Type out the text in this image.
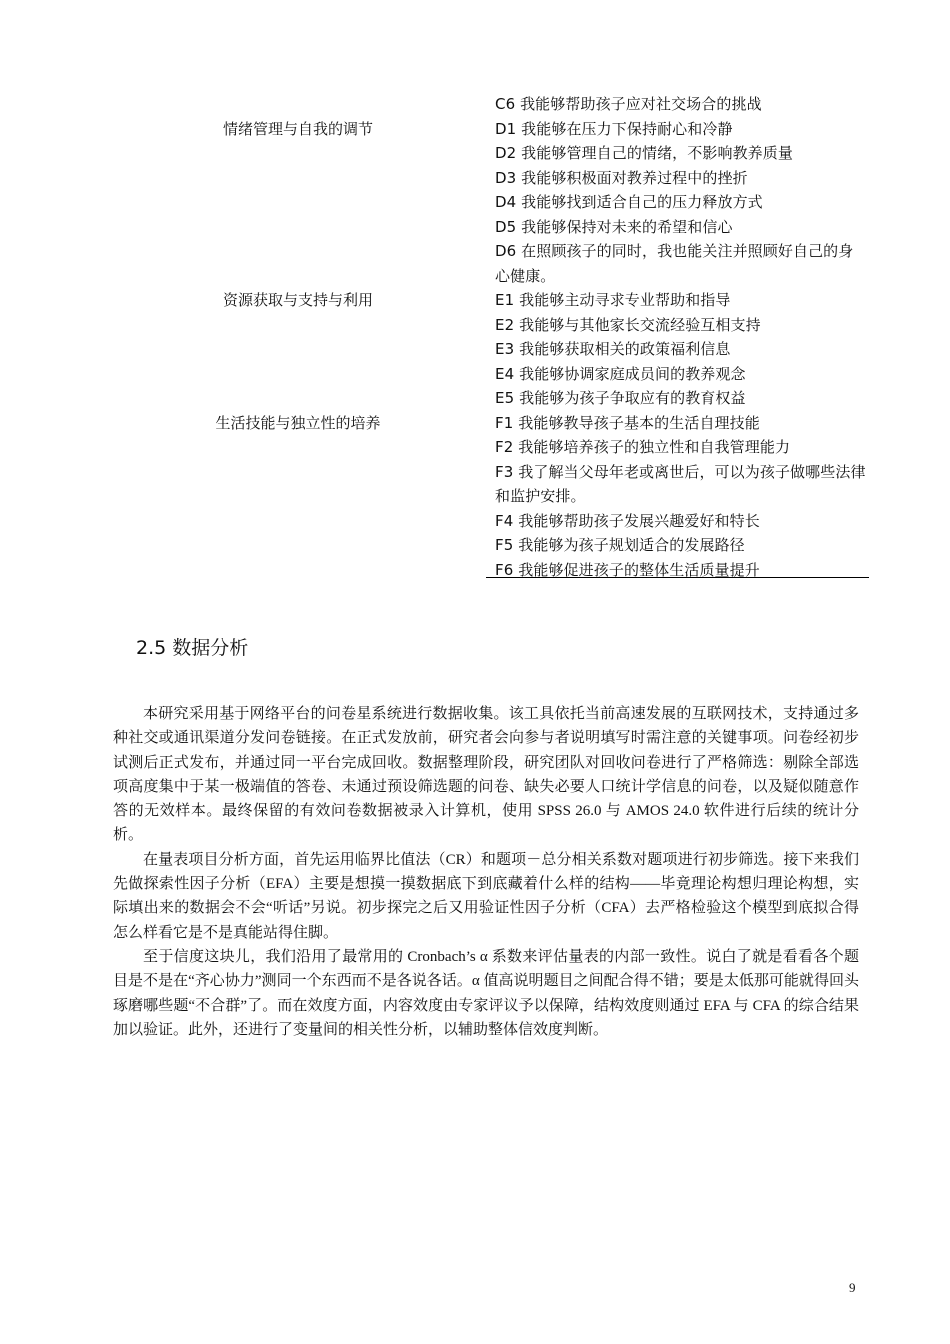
C6 我能够帮助孩子应对社交场合的挑战
情绪管理与自我的调节	D1 我能够在压力下保持耐心和冷静
D2 我能够管理自己的情绪，不影响教养质量
D3 我能够积极面对教养过程中的挫折
D4 我能够找到适合自己的压力释放方式
D5 我能够保持对未来的希望和信心
D6 在照顾孩子的同时，我也能关注并照顾好自己的身心健康。
资源获取与支持与利用	E1 我能够主动寻求专业帮助和指导
E2 我能够与其他家长交流经验互相支持
E3 我能够获取相关的政策福利信息
E4 我能够协调家庭成员间的教养观念
E5 我能够为孩子争取应有的教育权益
生活技能与独立性的培养	F1 我能够教导孩子基本的生活自理技能
F2 我能够培养孩子的独立性和自我管理能力
F3 我了解当父母年老或离世后，可以为孩子做哪些法律和监护安排。
F4 我能够帮助孩子发展兴趣爱好和特长
F5 我能够为孩子规划适合的发展路径
F6 我能够促进孩子的整体生活质量提升
2.5 数据分析

本研究采用基于网络平台的问卷星系统进行数据收集。该工具依托当前高速发展的互联网技术，支持通过多种社交或通讯渠道分发问卷链接。在正式发放前，研究者会向参与者说明填写时需注意的关键事项。问卷经初步试测后正式发布，并通过同一平台完成回收。数据整理阶段，研究团队对回收问卷进行了严格筛选：剔除全部选项高度集中于某一极端值的答卷、未通过预设筛选题的问卷、缺失必要人口统计学信息的问卷，以及疑似随意作答的无效样本。最终保留的有效问卷数据被录入计算机，使用 SPSS 26.0 与 AMOS 24.0 软件进行后续的统计分析。

在量表项目分析方面，首先运用临界比值法（CR）和题项－总分相关系数对题项进行初步筛选。接下来我们先做探索性因子分析（EFA）主要是想摸一摸数据底下到底藏着什么样的结构——毕竟理论构想归理论构想，实际填出来的数据会不会“听话”另说。初步探完之后又用验证性因子分析（CFA）去严格检验这个模型到底拟合得怎么样看它是不是真能站得住脚。

至于信度这块儿，我们沿用了最常用的 Cronbach’s α 系数来评估量表的内部一致性。说白了就是看看各个题目是不是在“齐心协力”测同一个东西而不是各说各话。α 值高说明题目之间配合得不错；要是太低那可能就得回头琢磨哪些题“不合群”了。而在效度方面，内容效度由专家评议予以保障，结构效度则通过 EFA 与 CFA 的综合结果加以验证。此外，还进行了变量间的相关性分析，以辅助整体信效度判断。

9
